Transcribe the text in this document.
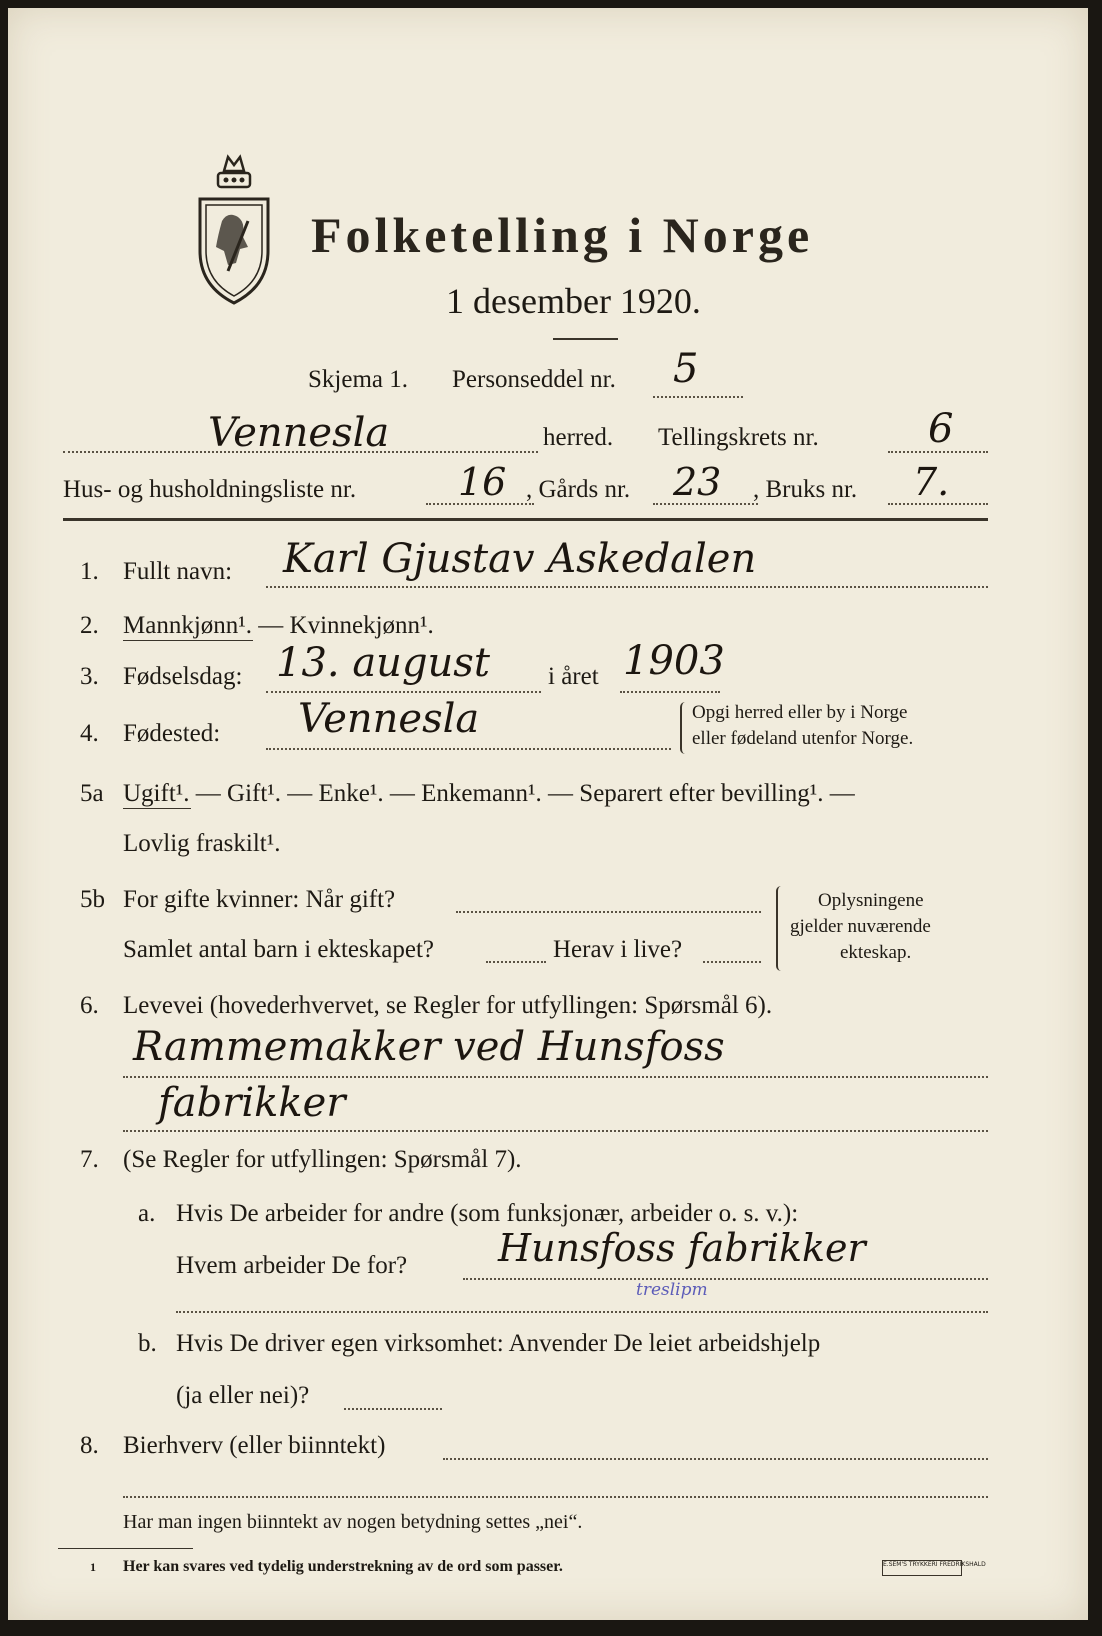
Folketelling i Norge
1 desember 1920.
Skjema 1. Personseddel nr. 5
Vennesla	herred. Tellingskrets nr.	6
Hus- og husholdningsliste nr.	16 , Gårds nr. 23 , Bruks nr. 7.
1. Fullt navn: Karl Gjustav Askedalen
2. Mannkjønn¹. — Kvinnekjønn¹.
3. Fødselsdag: 13. august i året 1903
4. Fødested: Vennesla	Opgi herred eller by i Norge
eller fødeland utenfor Norge.
5a Ugift¹. — Gift¹. — Enke¹. — Enkemann¹. — Separert efter bevilling¹. —
Lovlig fraskilt¹.
5b For gifte kvinner: Når gift?
Samlet antal barn i ekteskapet?	Herav i live?
Oplysningene
gjelder nuværende
ekteskap.
6. Levevei (hovederhvervet, se Regler for utfyllingen: Spørsmål 6).
Rammemakker ved Hunsfoss
fabrikker
7. (Se Regler for utfyllingen: Spørsmål 7).
a. Hvis De arbeider for andre (som funksjonær, arbeider o. s. v.):
Hvem arbeider De for? Hunsfoss fabrikker
treslipm
b. Hvis De driver egen virksomhet: Anvender De leiet arbeidshjelp
(ja eller nei)?
8. Bierhverv (eller biinntekt)
Har man ingen biinntekt av nogen betydning settes „nei“.
1 Her kan svares ved tydelig understrekning av de ord som passer.	E.SEM'S TRYKKERI FREDRIKSHALD
